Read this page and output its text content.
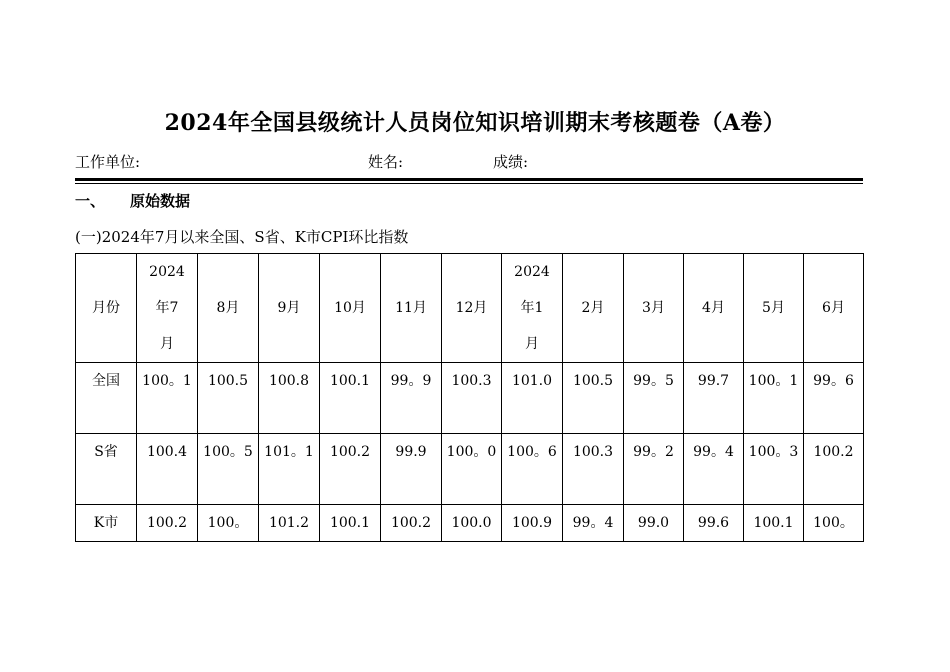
2024年全国县级统计人员岗位知识培训期末考核题卷（A卷）
工作单位:	姓名:	成绩:
一、 原始数据
(一)2024年7月以来全国、S省、K市CPI环比指数
月份	2024年7月	8月	9月	10月	11月	12月	2024年1月	2月	3月	4月	5月	6月

全国	100。1	100.5	100.8	100.1	99。9	100.3	101.0	100.5	99。5	99.7	100。1	99。6

S省	100.4	100。5	101。1	100.2	99.9	100。0	100。6	100.3	99。2	99。4	100。3	100.2

K市	100.2	100。	101.2	100.1	100.2	100.0	100.9	99。4	99.0	99.6	100.1	100。
